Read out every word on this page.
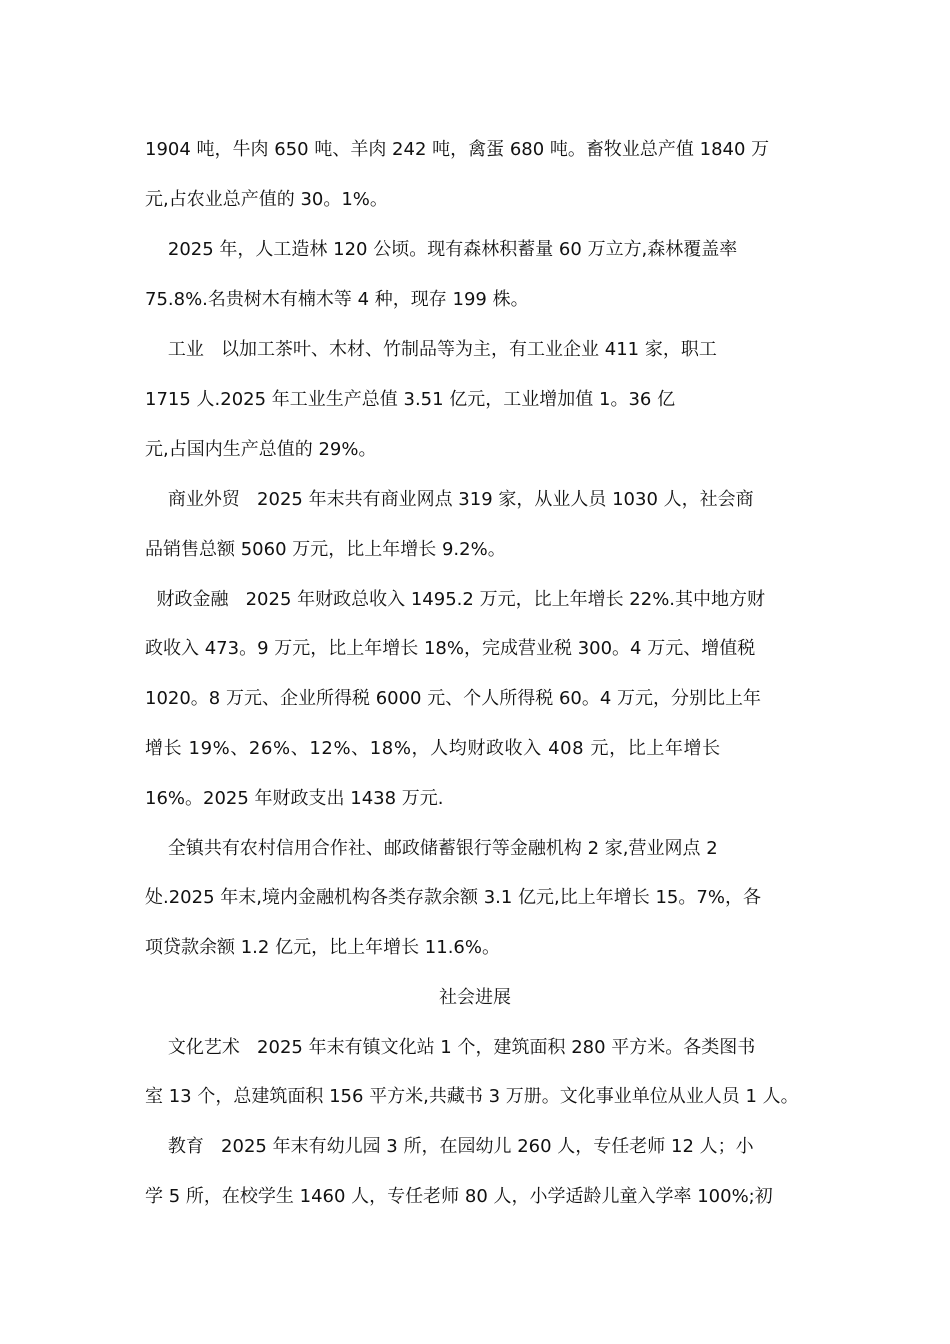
1904 吨，牛肉 650 吨、羊肉 242 吨，禽蛋 680 吨。畜牧业总产值 1840 万
元,占农业总产值的 30。1%。
2025 年，人工造林 120 公顷。现有森林积蓄量 60 万立方,森林覆盖率
75.8%.名贵树木有楠木等 4 种，现存 199 株。
工业   以加工茶叶、木材、竹制品等为主，有工业企业 411 家，职工
1715 人.2025 年工业生产总值 3.51 亿元，工业增加值 1。36 亿
元,占国内生产总值的 29%。
商业外贸   2025 年末共有商业网点 319 家，从业人员 1030 人，社会商
品销售总额 5060 万元，比上年增长 9.2%。
财政金融   2025 年财政总收入 1495.2 万元，比上年增长 22%.其中地方财
政收入 473。9 万元，比上年增长 18%，完成营业税 300。4 万元、增值税
1020。8 万元、企业所得税 6000 元、个人所得税 60。4 万元，分别比上年
增长 19%、26%、12%、18%，人均财政收入 408 元，比上年增长
16%。2025 年财政支出 1438 万元.
全镇共有农村信用合作社、邮政储蓄银行等金融机构 2 家,营业网点 2
处.2025 年末,境内金融机构各类存款余额 3.1 亿元,比上年增长 15。7%，各
项贷款余额 1.2 亿元，比上年增长 11.6%。
社会进展
文化艺术   2025 年末有镇文化站 1 个，建筑面积 280 平方米。各类图书
室 13 个，总建筑面积 156 平方米,共藏书 3 万册。文化事业单位从业人员 1 人。
教育   2025 年末有幼儿园 3 所，在园幼儿 260 人，专任老师 12 人；小
学 5 所，在校学生 1460 人，专任老师 80 人，小学适龄儿童入学率 100%;初
